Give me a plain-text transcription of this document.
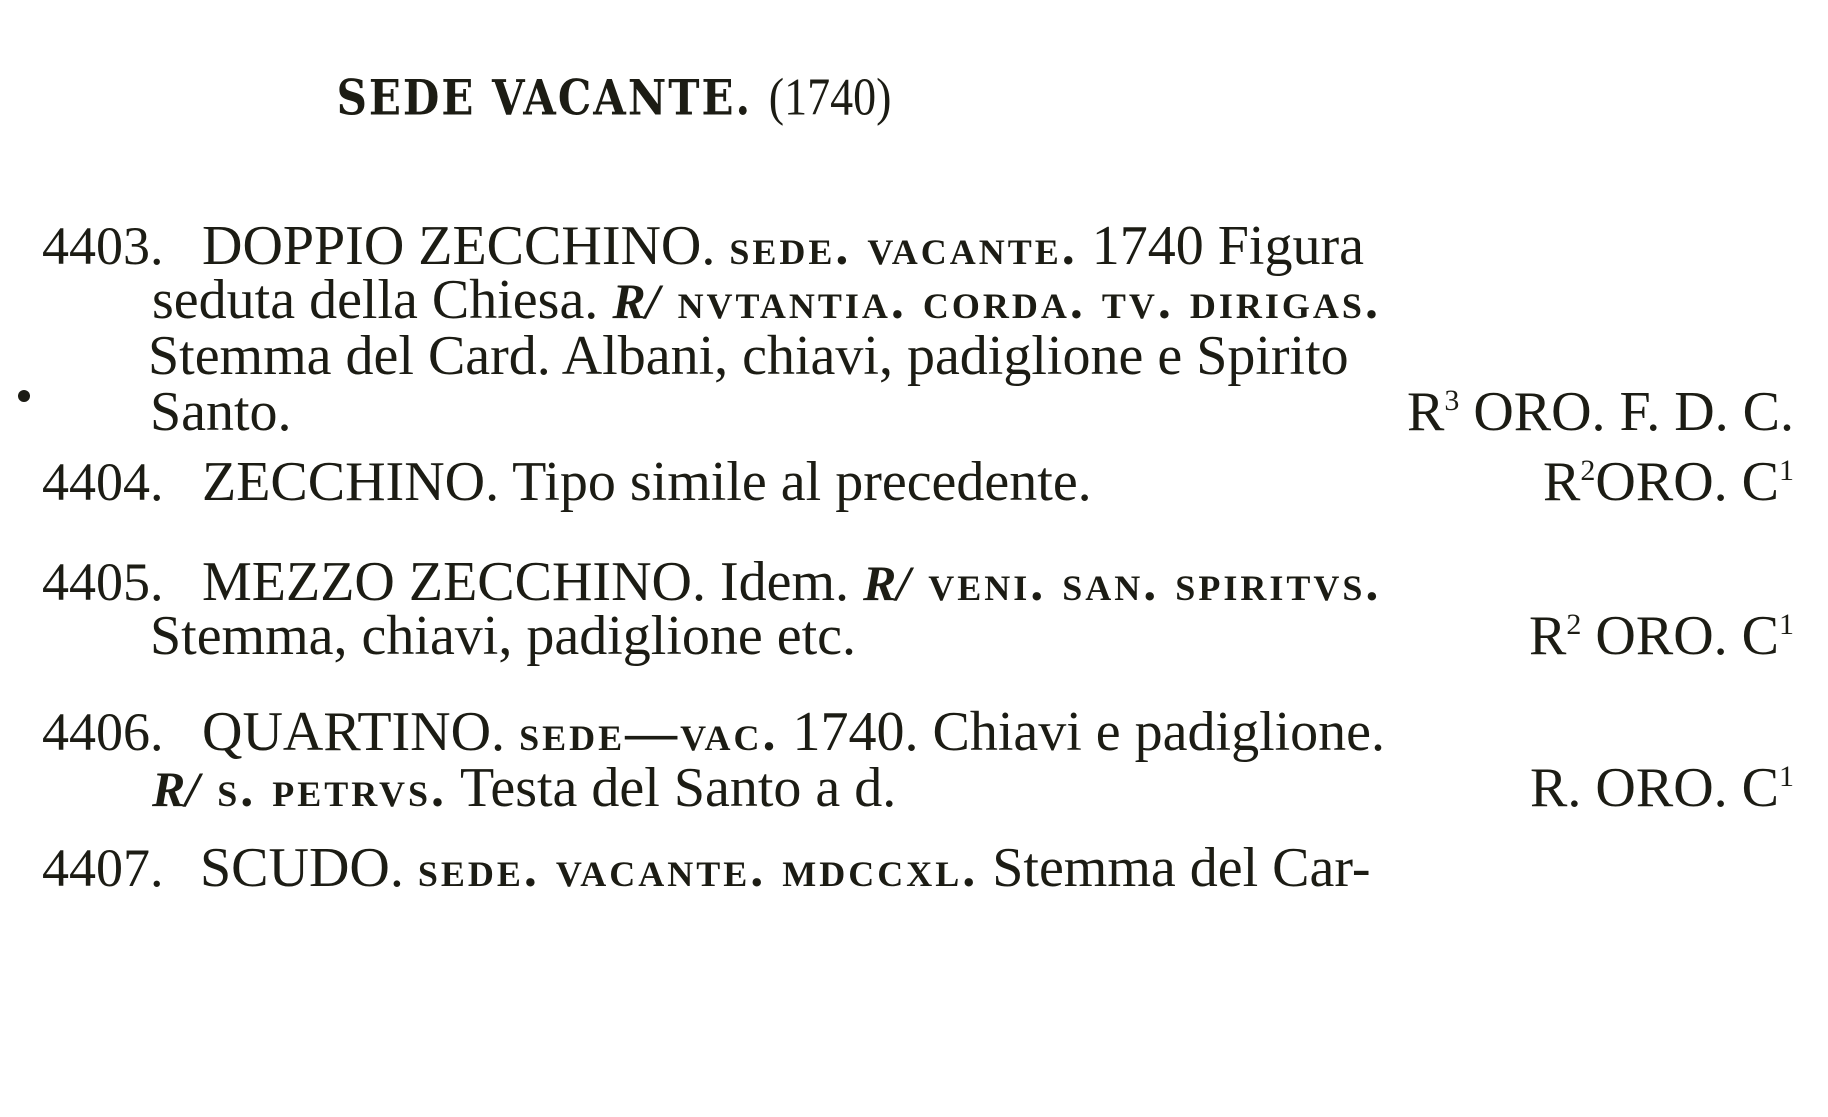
SEDE VACANTE. (1740)
4403. DOPPIO ZECCHINO. sede. vacante. 1740 Figura
seduta della Chiesa. R/ nvtantia. corda. tv. dirigas.
Stemma del Card. Albani, chiavi, padiglione e Spirito
Santo.	$R^3$ ORO. F. D. C.
4404. ZECCHINO. Tipo simile al precedente.	$R^2ORO$. $C^1$
4405. MEZZO ZECCHINO. Idem. R/ veni. san. spiritvs.
Stemma, chiavi, padiglione etc.	$R^2$ ORO. $C^1$
4406. QUARTINO. sede—vac. 1740. Chiavi e padiglione.
R/ s. petrvs. Testa del Santo a d.	R. ORO. $C^1$
4407. SCUDO. sede. vacante. mdccxl. Stemma del Car-
